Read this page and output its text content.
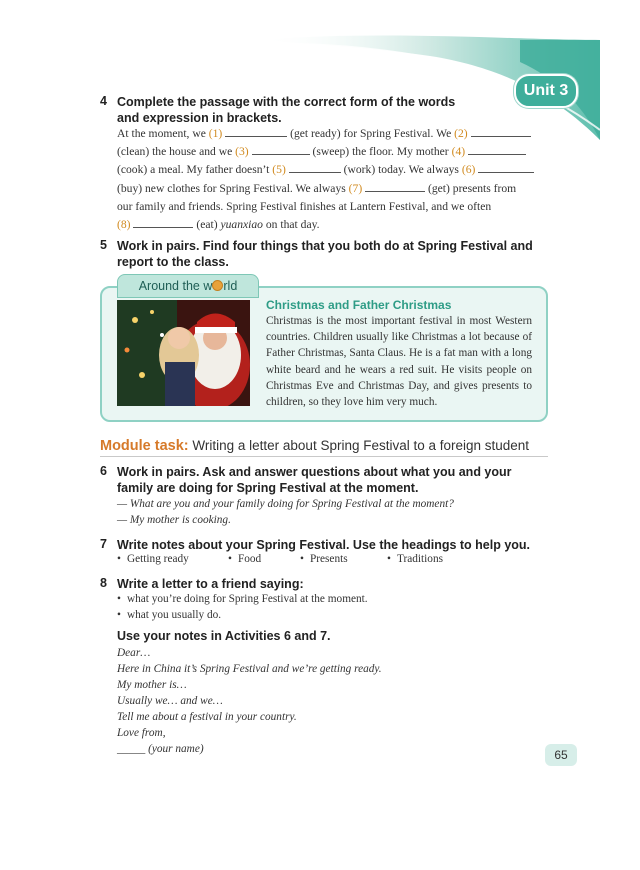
Unit 3
4 Complete the passage with the correct form of the words and expression in brackets.

At the moment, we (1)	(get ready) for Spring Festival. We (2)

(clean) the house and we (3)	(sweep) the floor. My mother (4)

(cook) a meal. My father doesn’t (5)	(work) today. We always (6)

(buy) new clothes for Spring Festival. We always (7)	(get) presents from

our family and friends. Spring Festival finishes at Lantern Festival, and we often

(8)	(eat) yuanxiao on that day.

5 Work in pairs. Find four things that you both do at Spring Festival and report to the class.
Around the w rld
Christmas and Father Christmas
Christmas is the most important festival in most Western countries. Children usually like Christmas a lot because of Father Christmas, Santa Claus. He is a fat man with a long white beard and he wears a red suit. He visits people on Christmas Eve and Christmas Day, and gives presents to children, so they love him very much.
Module task: Writing a letter about Spring Festival to a foreign student
6 Work in pairs. Ask and answer questions about what you and your family are doing for Spring Festival at the moment.
— What are you and your family doing for Spring Festival at the moment?
— My mother is cooking.
7 Write notes about your Spring Festival. Use the headings to help you.
• Getting ready	• Food	• Presents	• Traditions
8 Write a letter to a friend saying:
• what you’re doing for Spring Festival at the moment.
• what you usually do.
Use your notes in Activities 6 and 7.
Dear…
Here in China it’s Spring Festival and we’re getting ready.
My mother is…
Usually we… and we…
Tell me about a festival in your country.
Love from,
_____ (your name)	65
